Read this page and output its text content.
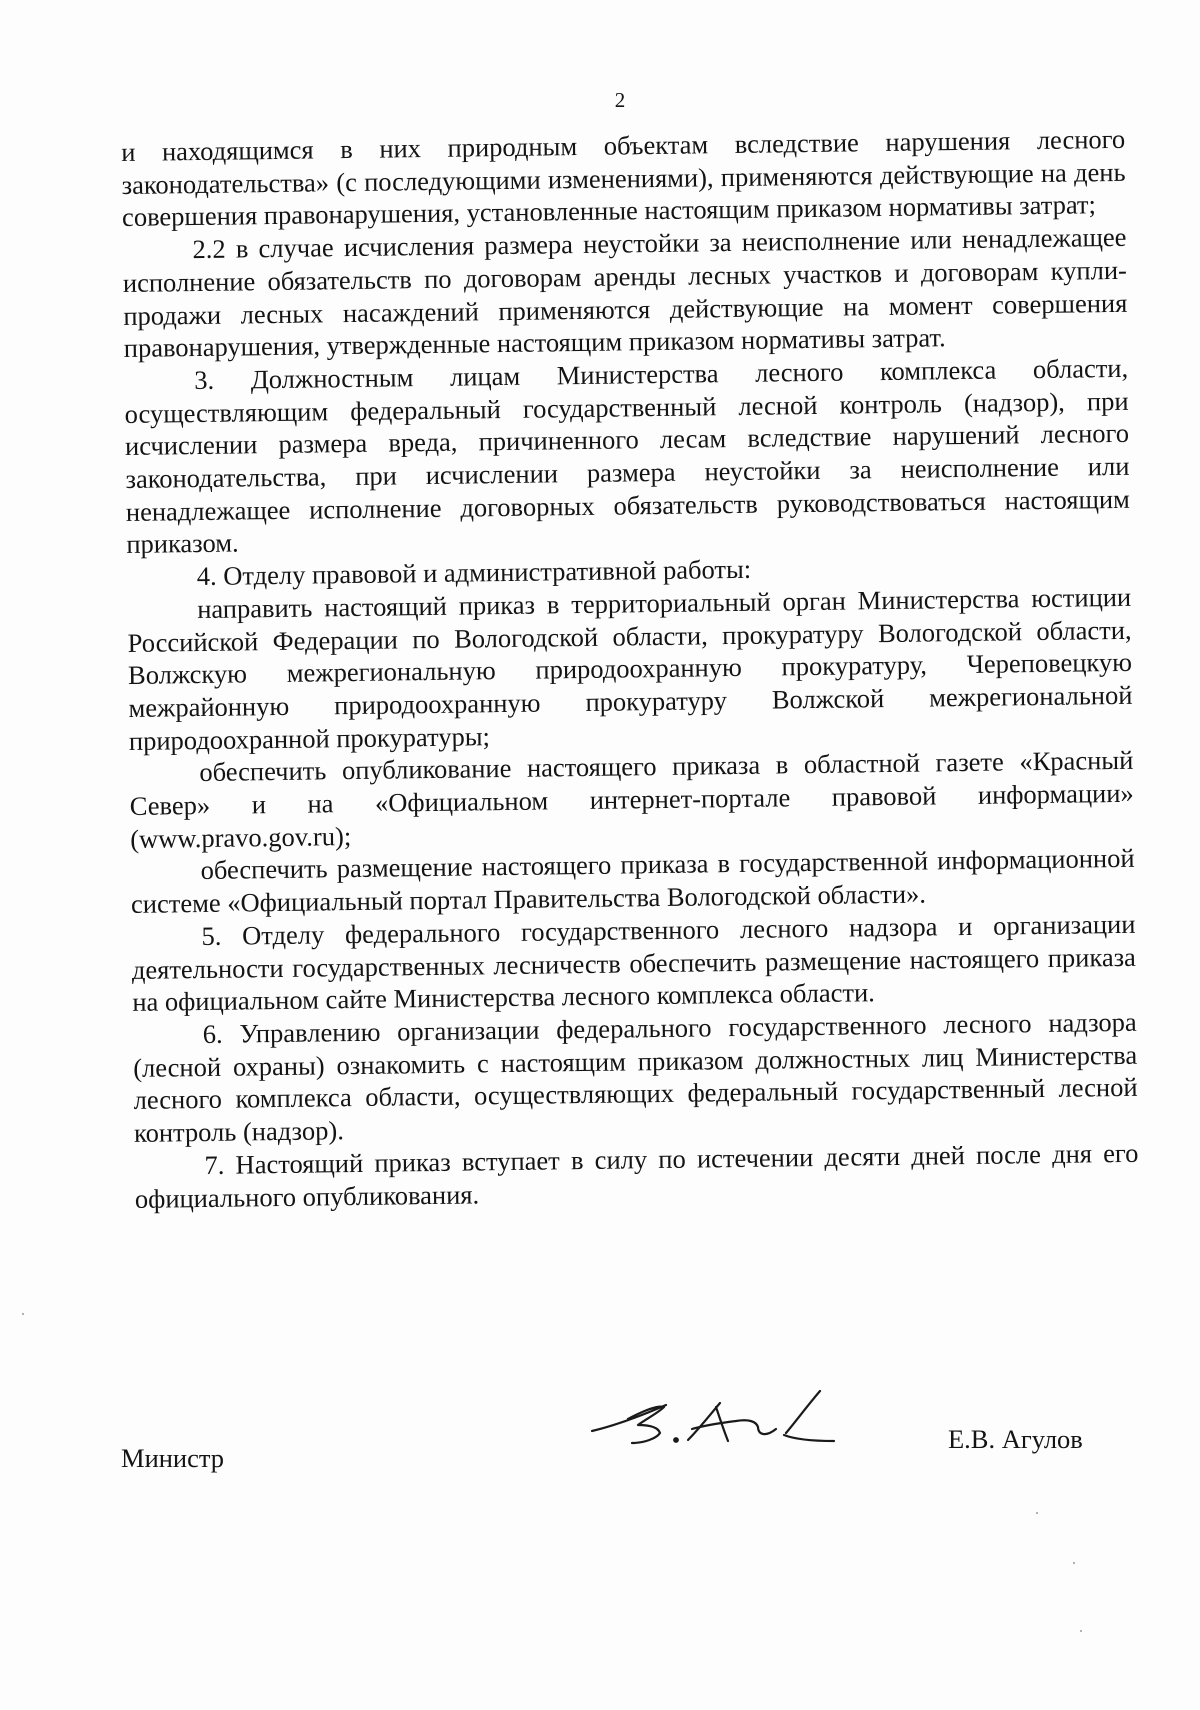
2

и находящимся в них природным объектам вследствие нарушения лесного законодательства» (с последующими изменениями), применяются действующие на день совершения правонарушения, установленные настоящим приказом нормативы затрат;

2.2 в случае исчисления размера неустойки за неисполнение или ненадлежащее исполнение обязательств по договорам аренды лесных участков и договорам купли-продажи лесных насаждений применяются действующие на момент совершения правонарушения, утвержденные настоящим приказом нормативы затрат.

3. Должностным лицам Министерства лесного комплекса области, осуществляющим федеральный государственный лесной контроль (надзор), при исчислении размера вреда, причиненного лесам вследствие нарушений лесного законодательства, при исчислении размера неустойки за неисполнение или ненадлежащее исполнение договорных обязательств руководствоваться настоящим приказом.

4. Отделу правовой и административной работы:

направить настоящий приказ в территориальный орган Министерства юстиции Российской Федерации по Вологодской области, прокуратуру Вологодской области, Волжскую межрегиональную природоохранную прокуратуру, Череповецкую межрайонную природоохранную прокуратуру Волжской межрегиональной природоохранной прокуратуры;

обеспечить опубликование настоящего приказа в областной газете «Красный Север» и на «Официальном интернет-портале правовой информации» (www.pravo.gov.ru);

обеспечить размещение настоящего приказа в государственной информационной системе «Официальный портал Правительства Вологодской области».

5. Отделу федерального государственного лесного надзора и организации деятельности государственных лесничеств обеспечить размещение настоящего приказа на официальном сайте Министерства лесного комплекса области.

6. Управлению организации федерального государственного лесного надзора (лесной охраны) ознакомить с настоящим приказом должностных лиц Министерства лесного комплекса области, осуществляющих федеральный государственный лесной контроль (надзор).

7. Настоящий приказ вступает в силу по истечении десяти дней после дня его официального опубликования.

Министр
Е.В. Агулов
